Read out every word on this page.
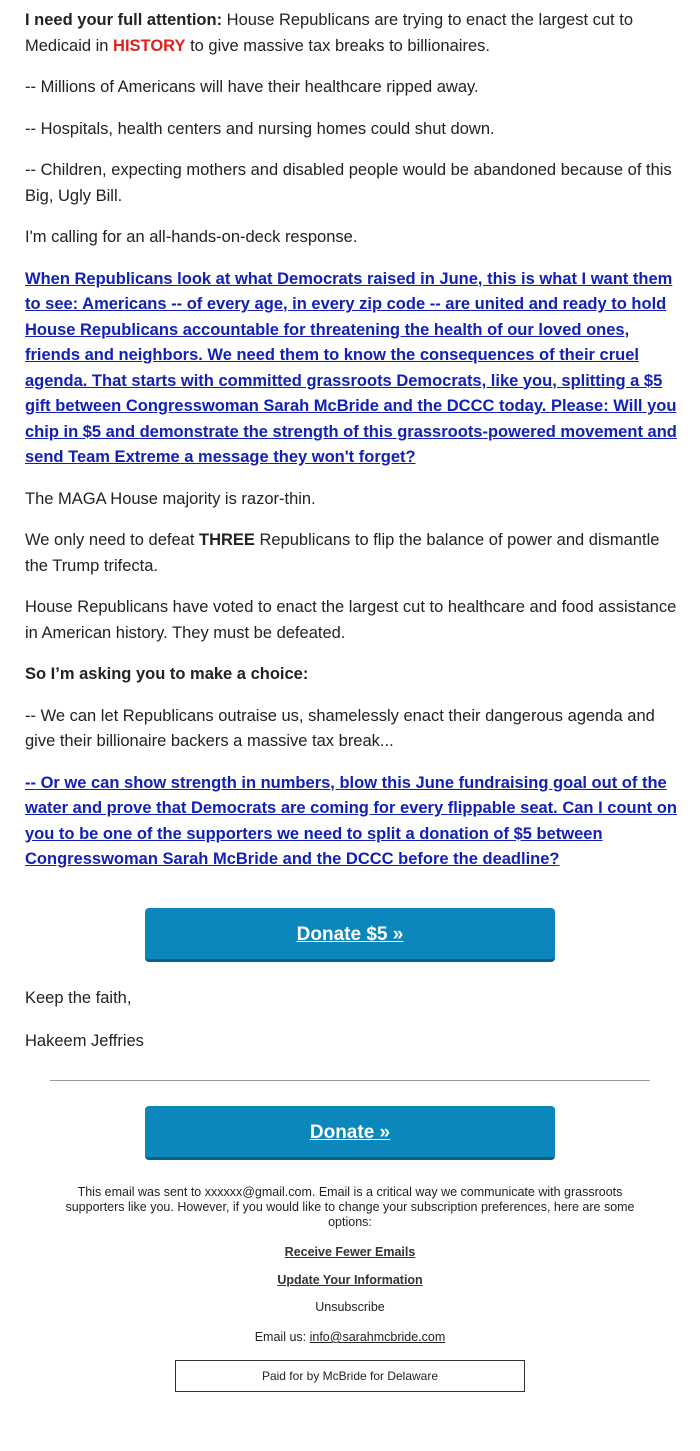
I need your full attention: House Republicans are trying to enact the largest cut to Medicaid in HISTORY to give massive tax breaks to billionaires.

-- Millions of Americans will have their healthcare ripped away.

-- Hospitals, health centers and nursing homes could shut down.

-- Children, expecting mothers and disabled people would be abandoned because of this Big, Ugly Bill.

I'm calling for an all-hands-on-deck response.

When Republicans look at what Democrats raised in June, this is what I want them to see: Americans -- of every age, in every zip code -- are united and ready to hold House Republicans accountable for threatening the health of our loved ones, friends and neighbors. We need them to know the consequences of their cruel agenda. That starts with committed grassroots Democrats, like you, splitting a $5 gift between Congresswoman Sarah McBride and the DCCC today. Please: Will you chip in $5 and demonstrate the strength of this grassroots-powered movement and send Team Extreme a message they won't forget?

The MAGA House majority is razor-thin.

We only need to defeat THREE Republicans to flip the balance of power and dismantle the Trump trifecta.

House Republicans have voted to enact the largest cut to healthcare and food assistance in American history. They must be defeated.

So I’m asking you to make a choice:

-- We can let Republicans outraise us, shamelessly enact their dangerous agenda and give their billionaire backers a massive tax break...

-- Or we can show strength in numbers, blow this June fundraising goal out of the water and prove that Democrats are coming for every flippable seat. Can I count on you to be one of the supporters we need to split a donation of $5 between Congresswoman Sarah McBride and the DCCC before the deadline?

Donate $5 »

Keep the faith,

Hakeem Jeffries

Donate »
This email was sent to xxxxxx@gmail.com. Email is a critical way we communicate with grassroots supporters like you. However, if you would like to change your subscription preferences, here are some options:
Receive Fewer Emails
Update Your Information
Unsubscribe
Email us: info@sarahmcbride.com
Paid for by McBride for Delaware
